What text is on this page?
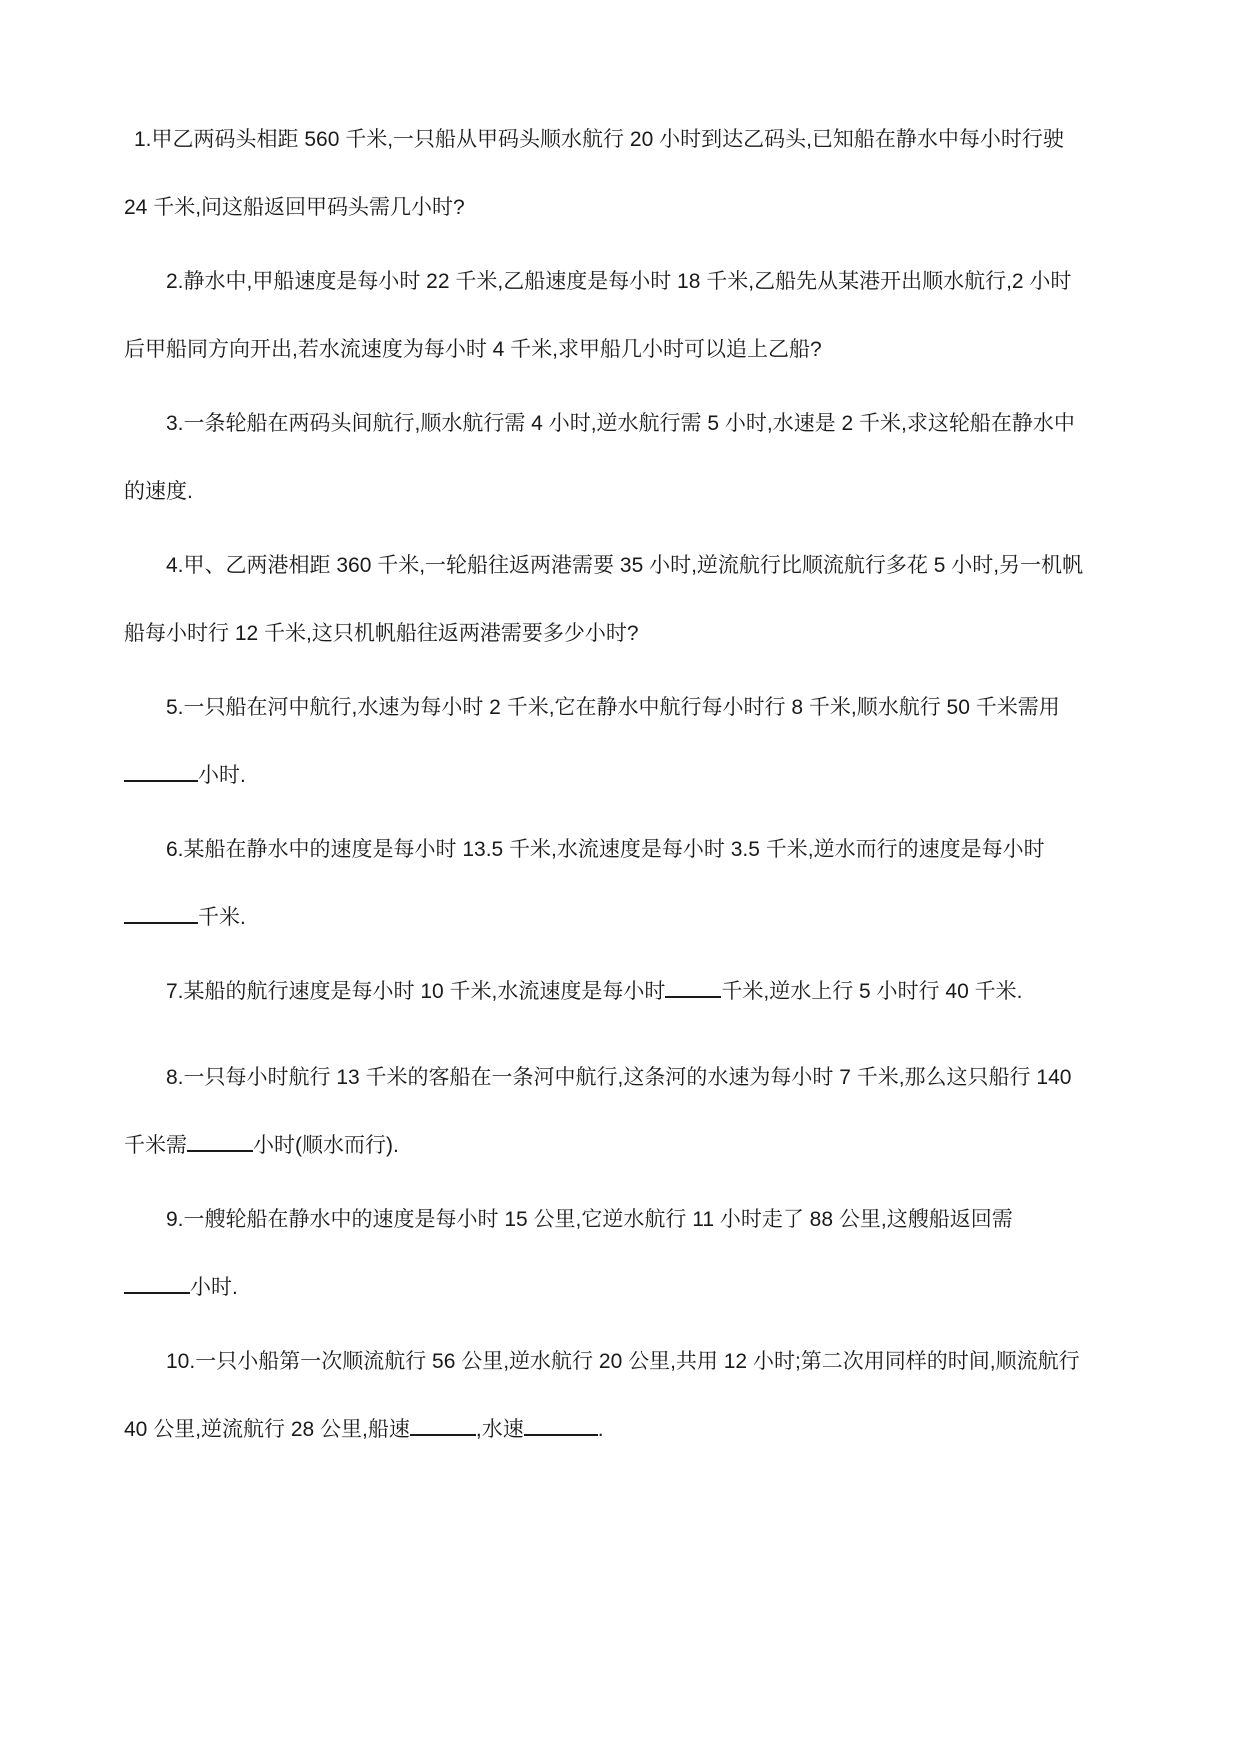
1.甲乙两码头相距 560 千米,一只船从甲码头顺水航行 20 小时到达乙码头,已知船在静水中每小时行驶
24 千米,问这船返回甲码头需几小时?
2.静水中,甲船速度是每小时 22 千米,乙船速度是每小时 18 千米,乙船先从某港开出顺水航行,2 小时
后甲船同方向开出,若水流速度为每小时 4 千米,求甲船几小时可以追上乙船?
3.一条轮船在两码头间航行,顺水航行需 4 小时,逆水航行需 5 小时,水速是 2 千米,求这轮船在静水中
的速度.
4.甲、乙两港相距 360 千米,一轮船往返两港需要 35 小时,逆流航行比顺流航行多花 5 小时,另一机帆
船每小时行 12 千米,这只机帆船往返两港需要多少小时?
5.一只船在河中航行,水速为每小时 2 千米,它在静水中航行每小时行 8 千米,顺水航行 50 千米需用
小时.
6.某船在静水中的速度是每小时 13.5 千米,水流速度是每小时 3.5 千米,逆水而行的速度是每小时
千米.
7.某船的航行速度是每小时 10 千米,水流速度是每小时	千米,逆水上行 5 小时行 40 千米.
8.一只每小时航行 13 千米的客船在一条河中航行,这条河的水速为每小时 7 千米,那么这只船行 140
千米需	小时(顺水而行).
9.一艘轮船在静水中的速度是每小时 15 公里,它逆水航行 11 小时走了 88 公里,这艘船返回需
小时.
10.一只小船第一次顺流航行 56 公里,逆水航行 20 公里,共用 12 小时;第二次用同样的时间,顺流航行
40 公里,逆流航行 28 公里,船速	,水速	.
